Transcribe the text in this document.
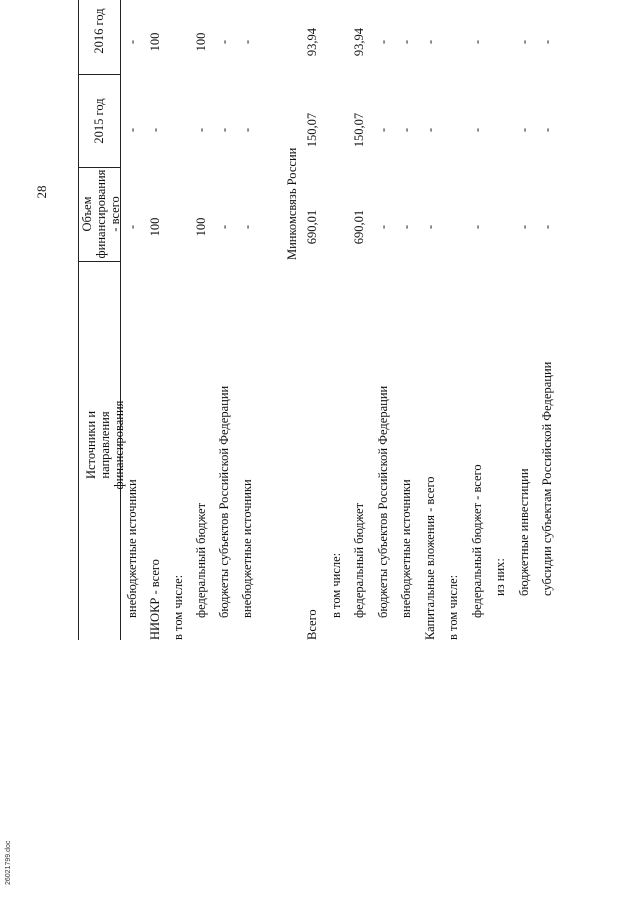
28
Источники и направления финансирования
Объем финансирования - всего
2015 год
2016 год
внебюджетные источники
-
-
-
НИОКР - всего
100
-
100
в том числе: федеральный бюджет
100
-
100
бюджеты субъектов Российской Федерации
-
-
-
внебюджетные источники
-
-
-
Всего
690,01
150,07
93,94
в том числе: федеральный бюджет
690,01
150,07
93,94
бюджеты субъектов Российской Федерации
-
-
-
внебюджетные источники
-
-
-
Капитальные вложения - всего
-
-
-
в том числе: федеральный бюджет - всего
-
-
-
из них: бюджетные инвестиции
-
-
-
субсидии субъектам Российской Федерации
-
-
-
Минкомсвязь России
26021799.doc
